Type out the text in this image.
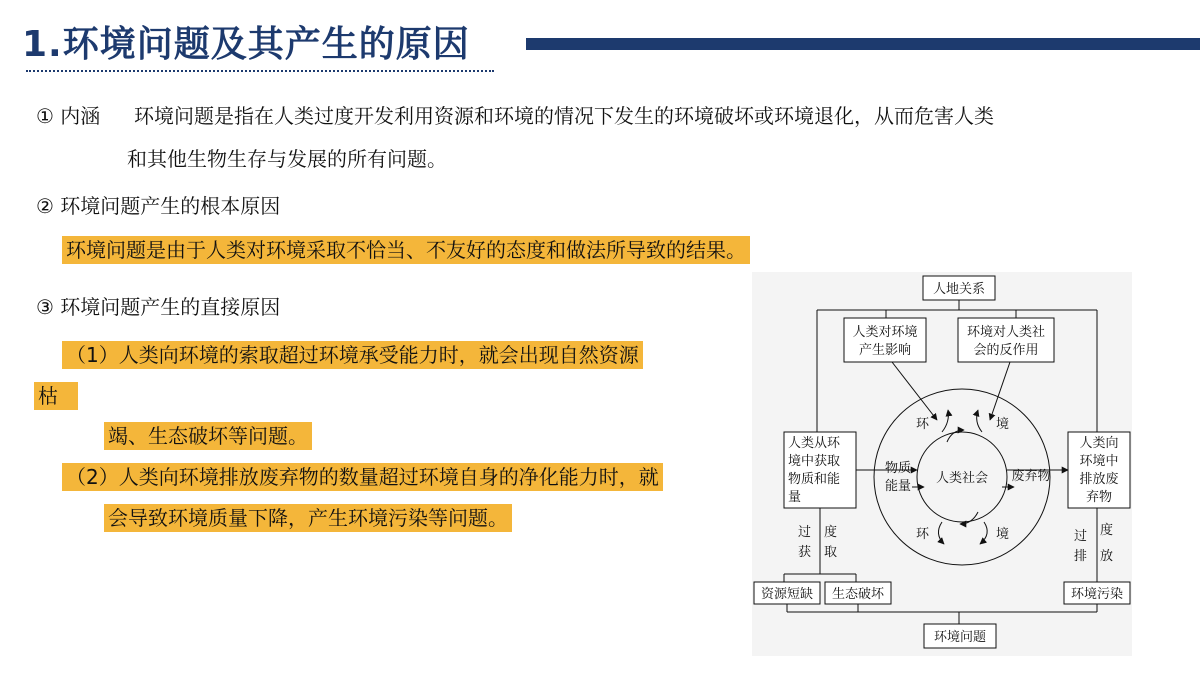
1.环境问题及其产生的原因
① 内涵 环境问题是指在人类过度开发利用资源和环境的情况下发生的环境破坏或环境退化，从而危害人类
和其他生物生存与发展的所有问题。
② 环境问题产生的根本原因
环境问题是由于人类对环境采取不恰当、不友好的态度和做法所导致的结果。
③ 环境问题产生的直接原因
（1）人类向环境的索取超过环境承受能力时，就会出现自然资源
枯
竭、生态破坏等问题。
（2）人类向环境排放废弃物的数量超过环境自身的净化能力时，就
会导致环境质量下降，产生环境污染等问题。
人地关系
人类对环境
产生影响
环境对人类社
会的反作用
人类从环
境中获取
物质和能
量
人类向
环境中
排放废
弃物
环	境
环	境
物质
能量
人类社会 废弃物
过
获
度
取
过
排
度
放
资源短缺 生态破坏	环境污染
环境问题
